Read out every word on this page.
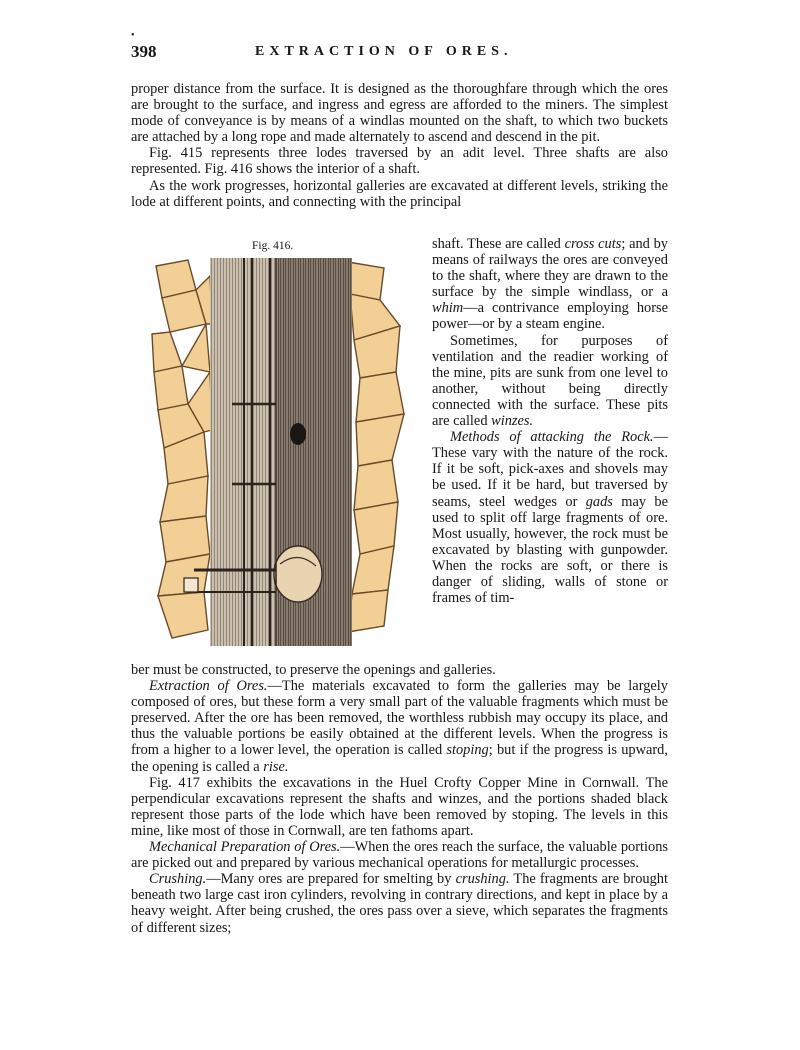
•
398	EXTRACTION OF ORES.

proper distance from the surface. It is designed as the thoroughfare through which the ores are brought to the surface, and ingress and egress are afforded to the miners. The simplest mode of conveyance is by means of a windlas mounted on the shaft, to which two buckets are attached by a long rope and made alternately to ascend and descend in the pit.

Fig. 415 represents three lodes traversed by an adit level. Three shafts are also represented. Fig. 416 shows the interior of a shaft.

As the work progresses, horizontal galleries are excavated at different levels, striking the lode at different points, and connecting with the principal

Fig. 416.	shaft. These are called cross cuts; and by means of railways the ores are conveyed to the shaft, where they are drawn to the surface by the simple windlass, or a whim—a contrivance employing horse power—or by a steam engine.

Sometimes, for purposes of ventilation and the readier working of the mine, pits are sunk from one level to another, without being directly connected with the surface. These pits are called winzes.

Methods of attacking the Rock.— These vary with the nature of the rock. If it be soft, pick-axes and shovels may be used. If it be hard, but traversed by seams, steel wedges or gads may be used to split off large fragments of ore. Most usually, however, the rock must be excavated by blasting with gunpowder. When the rocks are soft, or there is danger of sliding, walls of stone or frames of tim-

ber must be constructed, to preserve the openings and galleries.

Extraction of Ores.—The materials excavated to form the galleries may be largely composed of ores, but these form a very small part of the valuable fragments which must be preserved. After the ore has been removed, the worthless rubbish may occupy its place, and thus the valuable portions be easily obtained at the different levels. When the progress is from a higher to a lower level, the operation is called stoping; but if the progress is upward, the opening is called a rise.

Fig. 417 exhibits the excavations in the Huel Crofty Copper Mine in Cornwall. The perpendicular excavations represent the shafts and winzes, and the portions shaded black represent those parts of the lode which have been removed by stoping. The levels in this mine, like most of those in Cornwall, are ten fathoms apart.

Mechanical Preparation of Ores.—When the ores reach the surface, the valuable portions are picked out and prepared by various mechanical operations for metallurgic processes.

Crushing.—Many ores are prepared for smelting by crushing. The fragments are brought beneath two large cast iron cylinders, revolving in contrary directions, and kept in place by a heavy weight. After being crushed, the ores pass over a sieve, which separates the fragments of different sizes;
